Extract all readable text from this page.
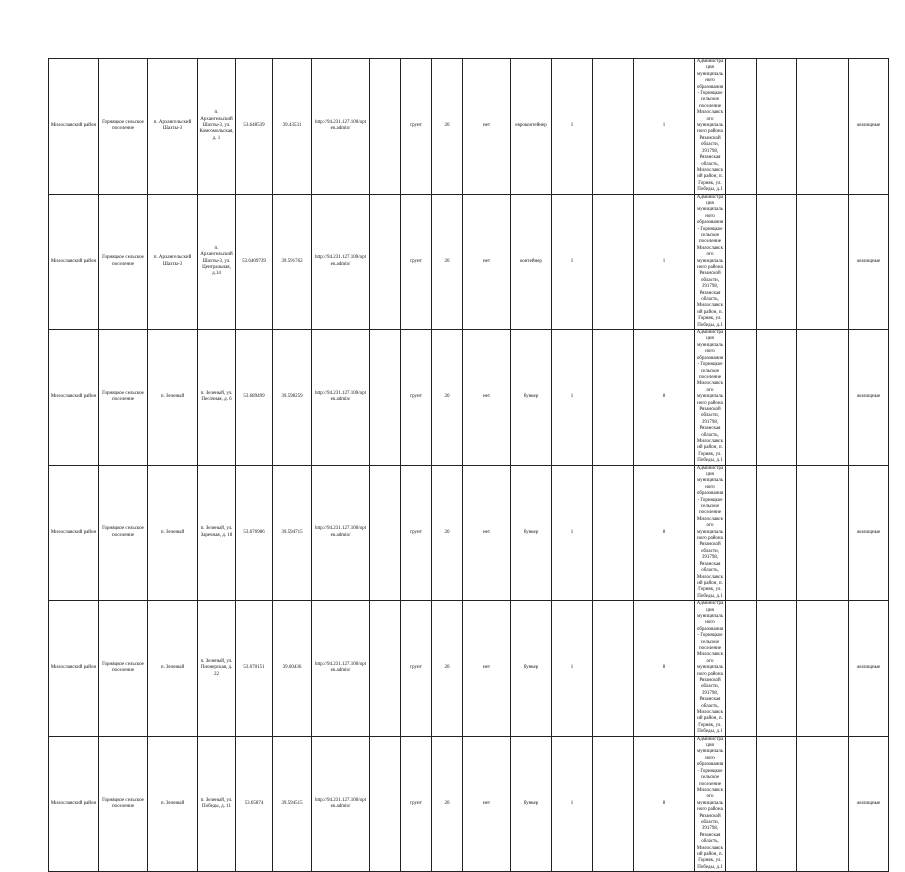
Милославский район	Горняцкое сельское поселение	п. Архангельский Шахты-3	п. Архангельский Шахты-3, ул. Комсомольская, д. 1	53.648539	39.43531	http://94.231.127.100/opt en.admin/		грунт	20	нет	евроконтейнер	1		1	Администрация муниципального образования - Горняцкое сельское поселение Милославского муниципального района Рязанской области, 391798, Рязанская область, Милославский район, п. Горняк, ул. Победы, д.1				жилищные
Милославский район	Горняцкое сельское поселение	п. Архангельский Шахты-3	п. Архангельский Шахты-3, ул. Центральная, д.14	53.6409739	39.591762	http://94.231.127.100/opt en.admin/		грунт	20	нет	контейнер	1		1	Администрация муниципального образования - Горняцкое сельское поселение Милославского муниципального района Рязанской области, 391798, Рязанская область, Милославский район, п. Горняк, ул. Победы, д.1				жилищные
Милославский район	Горняцкое сельское поселение	п. Зеленый	п. Зеленый, ул. Песочная, д. 6	53.689499	39.598259	http://94.231.127.100/opt en.admin/		грунт	20	нет	бункер	1		8	Администрация муниципального образования - Горняцкое сельское поселение Милославского муниципального района Рязанской области, 391798, Рязанская область, Милославский район, п. Горняк, ул. Победы, д.1				жилищные
Милославский район	Горняцкое сельское поселение	п. Зеленый	п. Зеленый, ул. Заречная, д. 18	53.676986	39.594715	http://94.231.127.100/opt en.admin/		грунт	20	нет	бункер	1		8	Администрация муниципального образования - Горняцкое сельское поселение Милославского муниципального района Рязанской области, 391798, Рязанская область, Милославский район, п. Горняк, ул. Победы, д.1				жилищные
Милославский район	Горняцкое сельское поселение	п. Зеленый	п. Зеленый, ул. Пионерская, д. 22	53.670151	39.60436	http://94.231.127.100/opt en.admin/		грунт	20	нет	бункер	1		8	Администрация муниципального образования - Горняцкое сельское поселение Милославского муниципального района Рязанской области, 391798, Рязанская область, Милославский район, п. Горняк, ул. Победы, д.1				жилищные
Милославский район	Горняцкое сельское поселение	п. Зеленый	п. Зеленый, ул. Победы, д. 11	53.65874	39.594515	http://94.231.127.100/opt en.admin/		грунт	20	нет	бункер	1		8	Администрация муниципального образования - Горняцкое сельское поселение Милославского муниципального района Рязанской области, 391798, Рязанская область, Милославский район, п. Горняк, ул. Победы, д.1				жилищные
